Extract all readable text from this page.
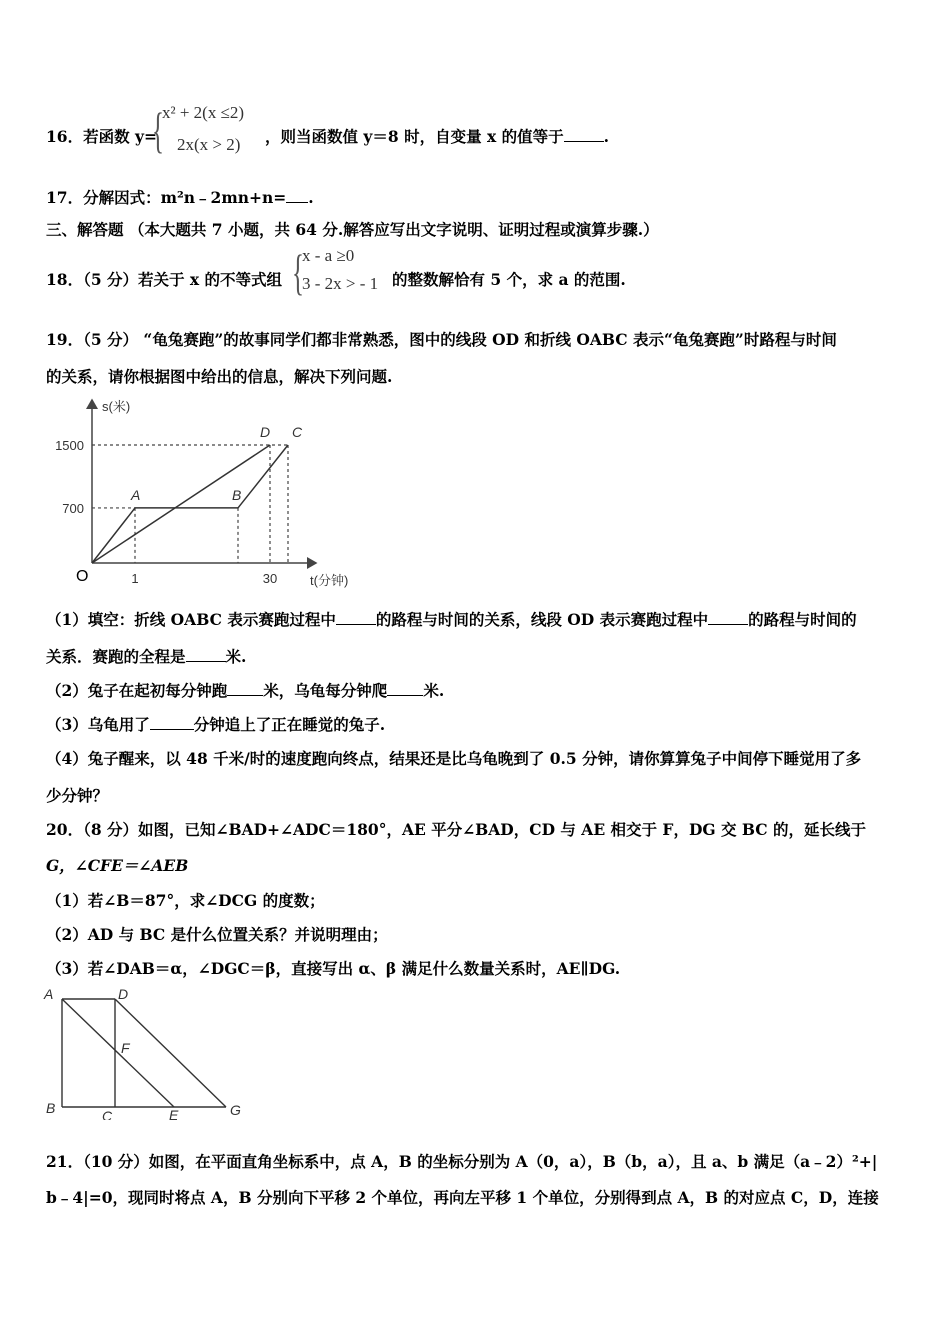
16．若函数 y=
{
x² + 2(x ≤2)
2x(x > 2) ，则当函数值 y＝8 时，自变量 x 的值等于	.
17．分解因式：m²n﹣2mn+n= .
三、解答题 （本大题共 7 小题，共 64 分.解答应写出文字说明、证明过程或演算步骤.）
18．（5 分）若关于 x 的不等式组 {
x - a ≥0
3 - 2x > - 1 的整数解恰有 5 个，求 a 的范围.
19．（5 分） “龟兔赛跑”的故事同学们都非常熟悉，图中的线段 OD 和折线 OABC 表示“龟兔赛跑”时路程与时间
的关系，请你根据图中给出的信息，解决下列问题.
A	B
C
D
700
1500
1	30
s(米)
t(分钟)
O
（1）填空：折线 OABC 表示赛跑过程中	的路程与时间的关系，线段 OD 表示赛跑过程中	的路程与时间的
关系．赛跑的全程是	米.
（2）兔子在起初每分钟跑 米，乌龟每分钟爬 米.
（3）乌龟用了	分钟追上了正在睡觉的兔子.
（4）兔子醒来，以 48 千米/时的速度跑向终点，结果还是比乌龟晚到了 0.5 分钟，请你算算兔子中间停下睡觉用了多
少分钟？
20．（8 分）如图，已知∠BAD+∠ADC＝180°，AE 平分∠BAD，CD 与 AE 相交于 F，DG 交 BC 的，延长线于
G，∠CFE＝∠AEB
（1）若∠B＝87°，求∠DCG 的度数；
（2）AD 与 BC 是什么位置关系？并说明理由；
（3）若∠DAB＝α，∠DGC＝β，直接写出 α、β 满足什么数量关系时，AE∥DG.
A	D
F
B	C	E	G
21．（10 分）如图，在平面直角坐标系中，点 A，B 的坐标分别为 A（0，a），B（b，a），且 a、b 满足（a﹣2）²+|
b﹣4|=0，现同时将点 A，B 分别向下平移 2 个单位，再向左平移 1 个单位，分别得到点 A，B 的对应点 C，D，连接
